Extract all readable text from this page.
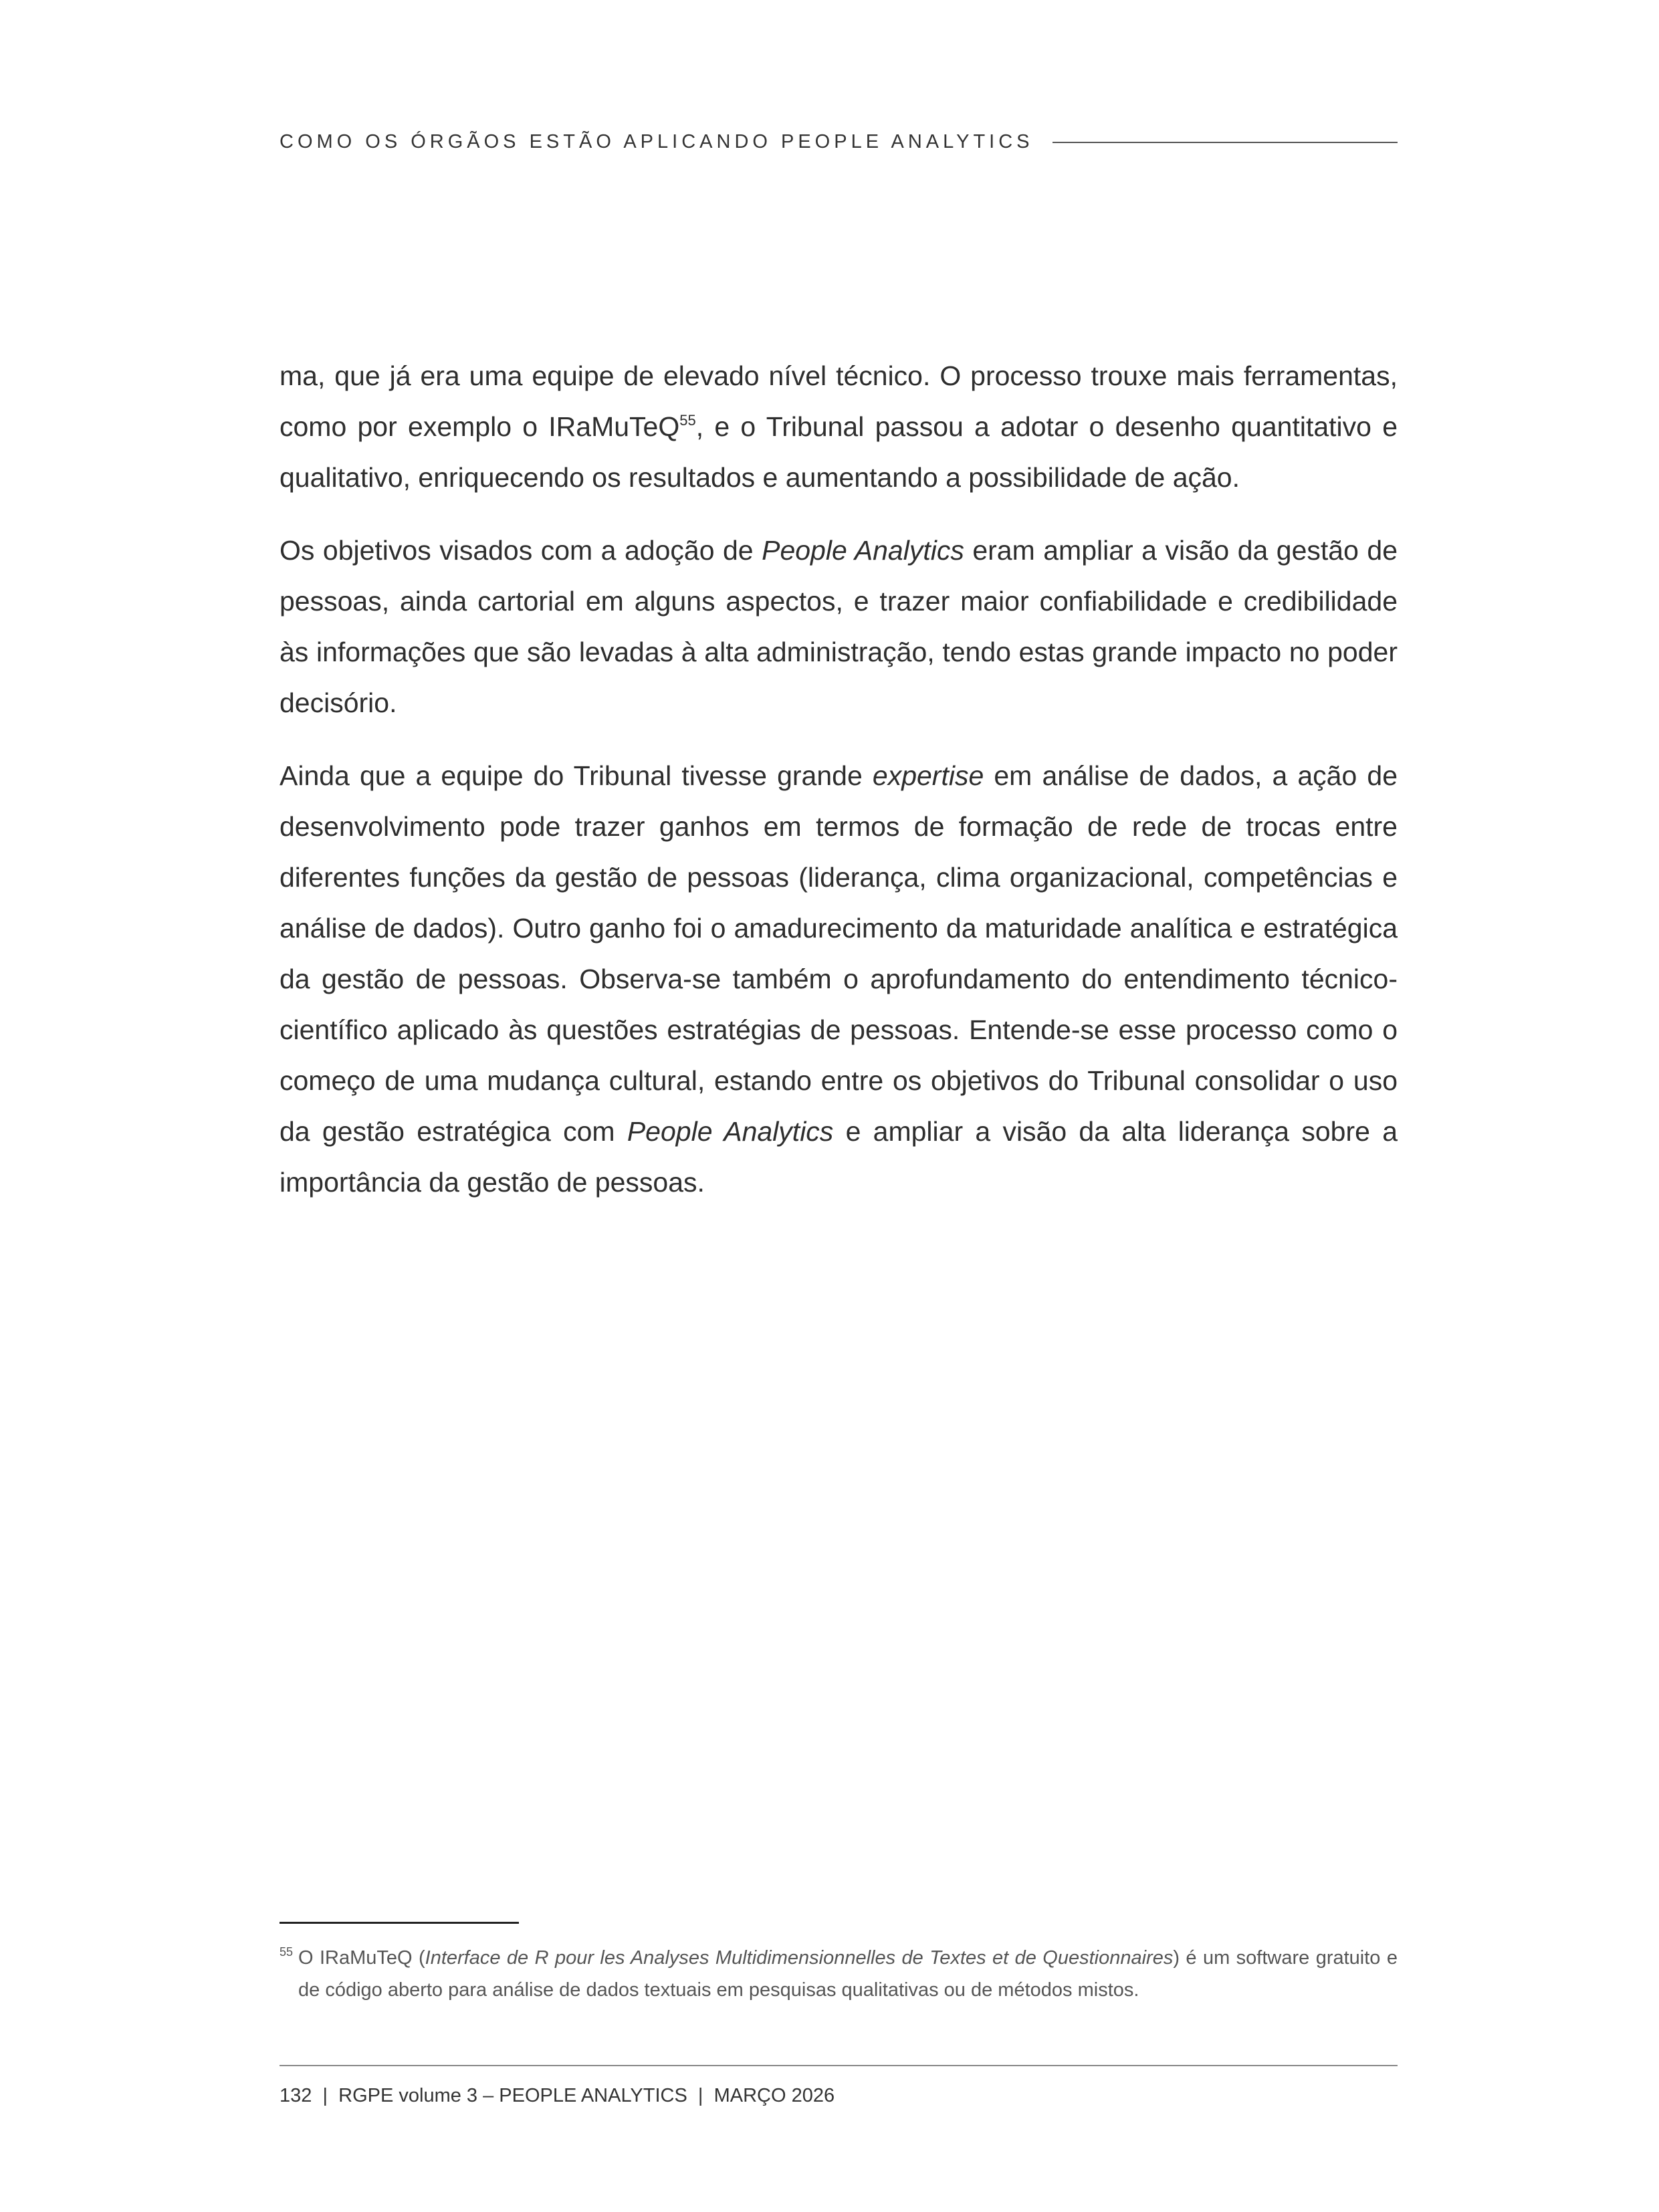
COMO OS ÓRGÃOS ESTÃO APLICANDO PEOPLE ANALYTICS

ma, que já era uma equipe de elevado nível técnico. O processo trouxe mais ferramentas, como por exemplo o IRaMuTeQ$^{55}$, e o Tribunal passou a adotar o desenho quantitativo e qualitativo, enriquecendo os resultados e aumentando a possibilidade de ação.

Os objetivos visados com a adoção de People Analytics eram ampliar a visão da gestão de pessoas, ainda cartorial em alguns aspectos, e trazer maior confiabilidade e credibilidade às informações que são levadas à alta administração, tendo estas grande impacto no poder decisório.

Ainda que a equipe do Tribunal tivesse grande expertise em análise de dados, a ação de desenvolvimento pode trazer ganhos em termos de formação de rede de trocas entre diferentes funções da gestão de pessoas (liderança, clima organizacional, competências e análise de dados). Outro ganho foi o amadurecimento da maturidade analítica e estratégica da gestão de pessoas. Observa-se também o aprofundamento do entendimento técnico-científico aplicado às questões estratégias de pessoas. Entende-se esse processo como o começo de uma mudança cultural, estando entre os objetivos do Tribunal consolidar o uso da gestão estratégica com People Analytics e ampliar a visão da alta liderança sobre a importância da gestão de pessoas.

55 O IRaMuTeQ (Interface de R pour les Analyses Multidimensionnelles de Textes et de Questionnaires) é um software gratuito e de código aberto para análise de dados textuais em pesquisas qualitativas ou de métodos mistos.
132  |  RGPE volume 3 – PEOPLE ANALYTICS  |  MARÇO 2026
